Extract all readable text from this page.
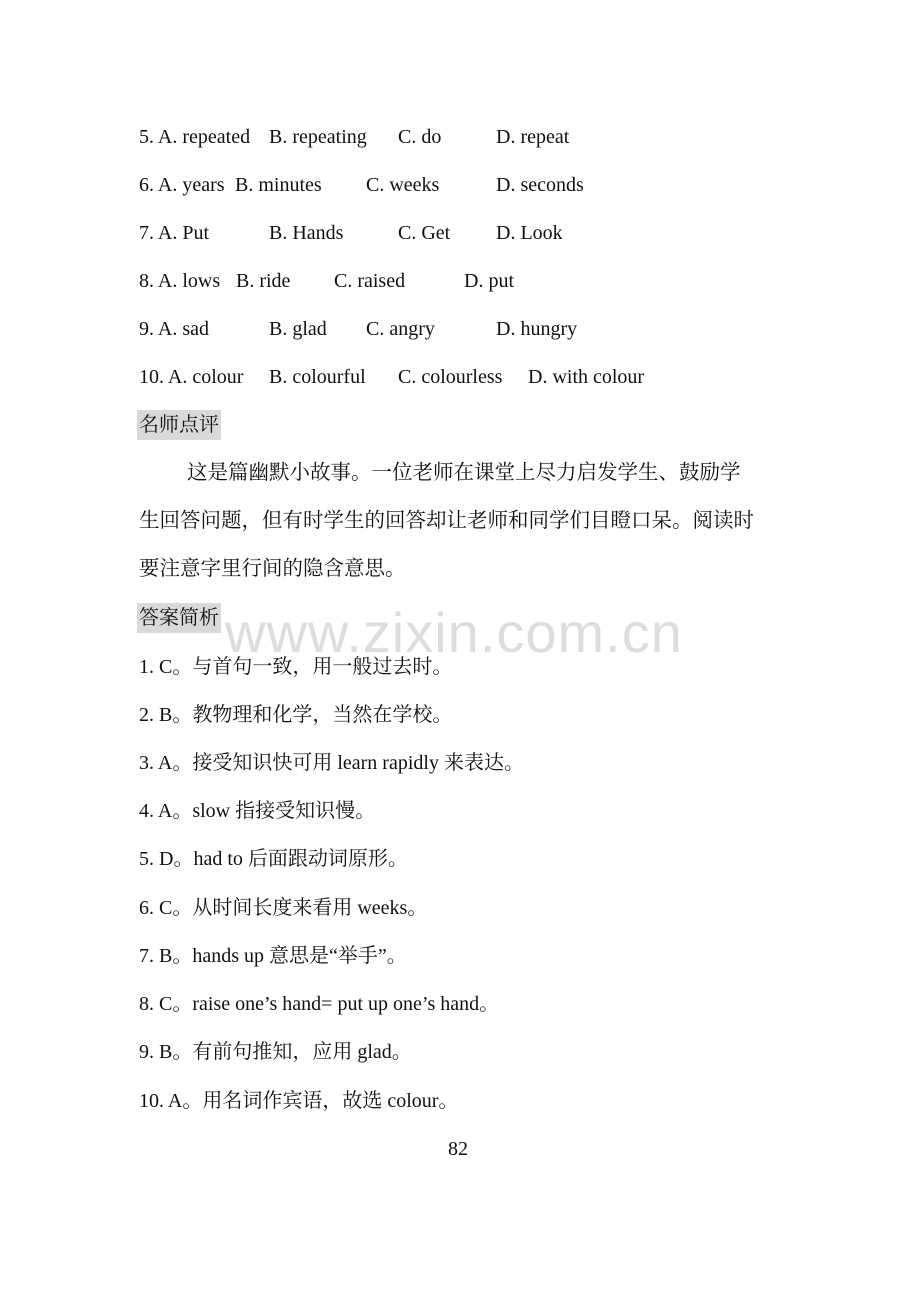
5. A. repeated B. repeating C. do	D. repeat
6. A. years B. minutes C. weeks	D. seconds
7. A. Put	B. Hands	C. Get D. Look
8. A. lows B. ride C. raised	D. put
9. A. sad	B. glad C. angry	D. hungry
10. A. colour B. colourful C. colourless D. with colour
名师点评
这是篇幽默小故事。一位老师在课堂上尽力启发学生、鼓励学
生回答问题，但有时学生的回答却让老师和同学们目瞪口呆。阅读时
要注意字里行间的隐含意思。
答案简析 www.zixin.com.cn
1. C。与首句一致，用一般过去时。
2. B。教物理和化学，当然在学校。
3. A。接受知识快可用 learn rapidly 来表达。
4. A。slow 指接受知识慢。
5. D。had to 后面跟动词原形。
6. C。从时间长度来看用 weeks。
7. B。hands up 意思是“举手”。
8. C。raise one’s hand= put up one’s hand。
9. B。有前句推知，应用 glad。
10. A。用名词作宾语，故选 colour。
82
